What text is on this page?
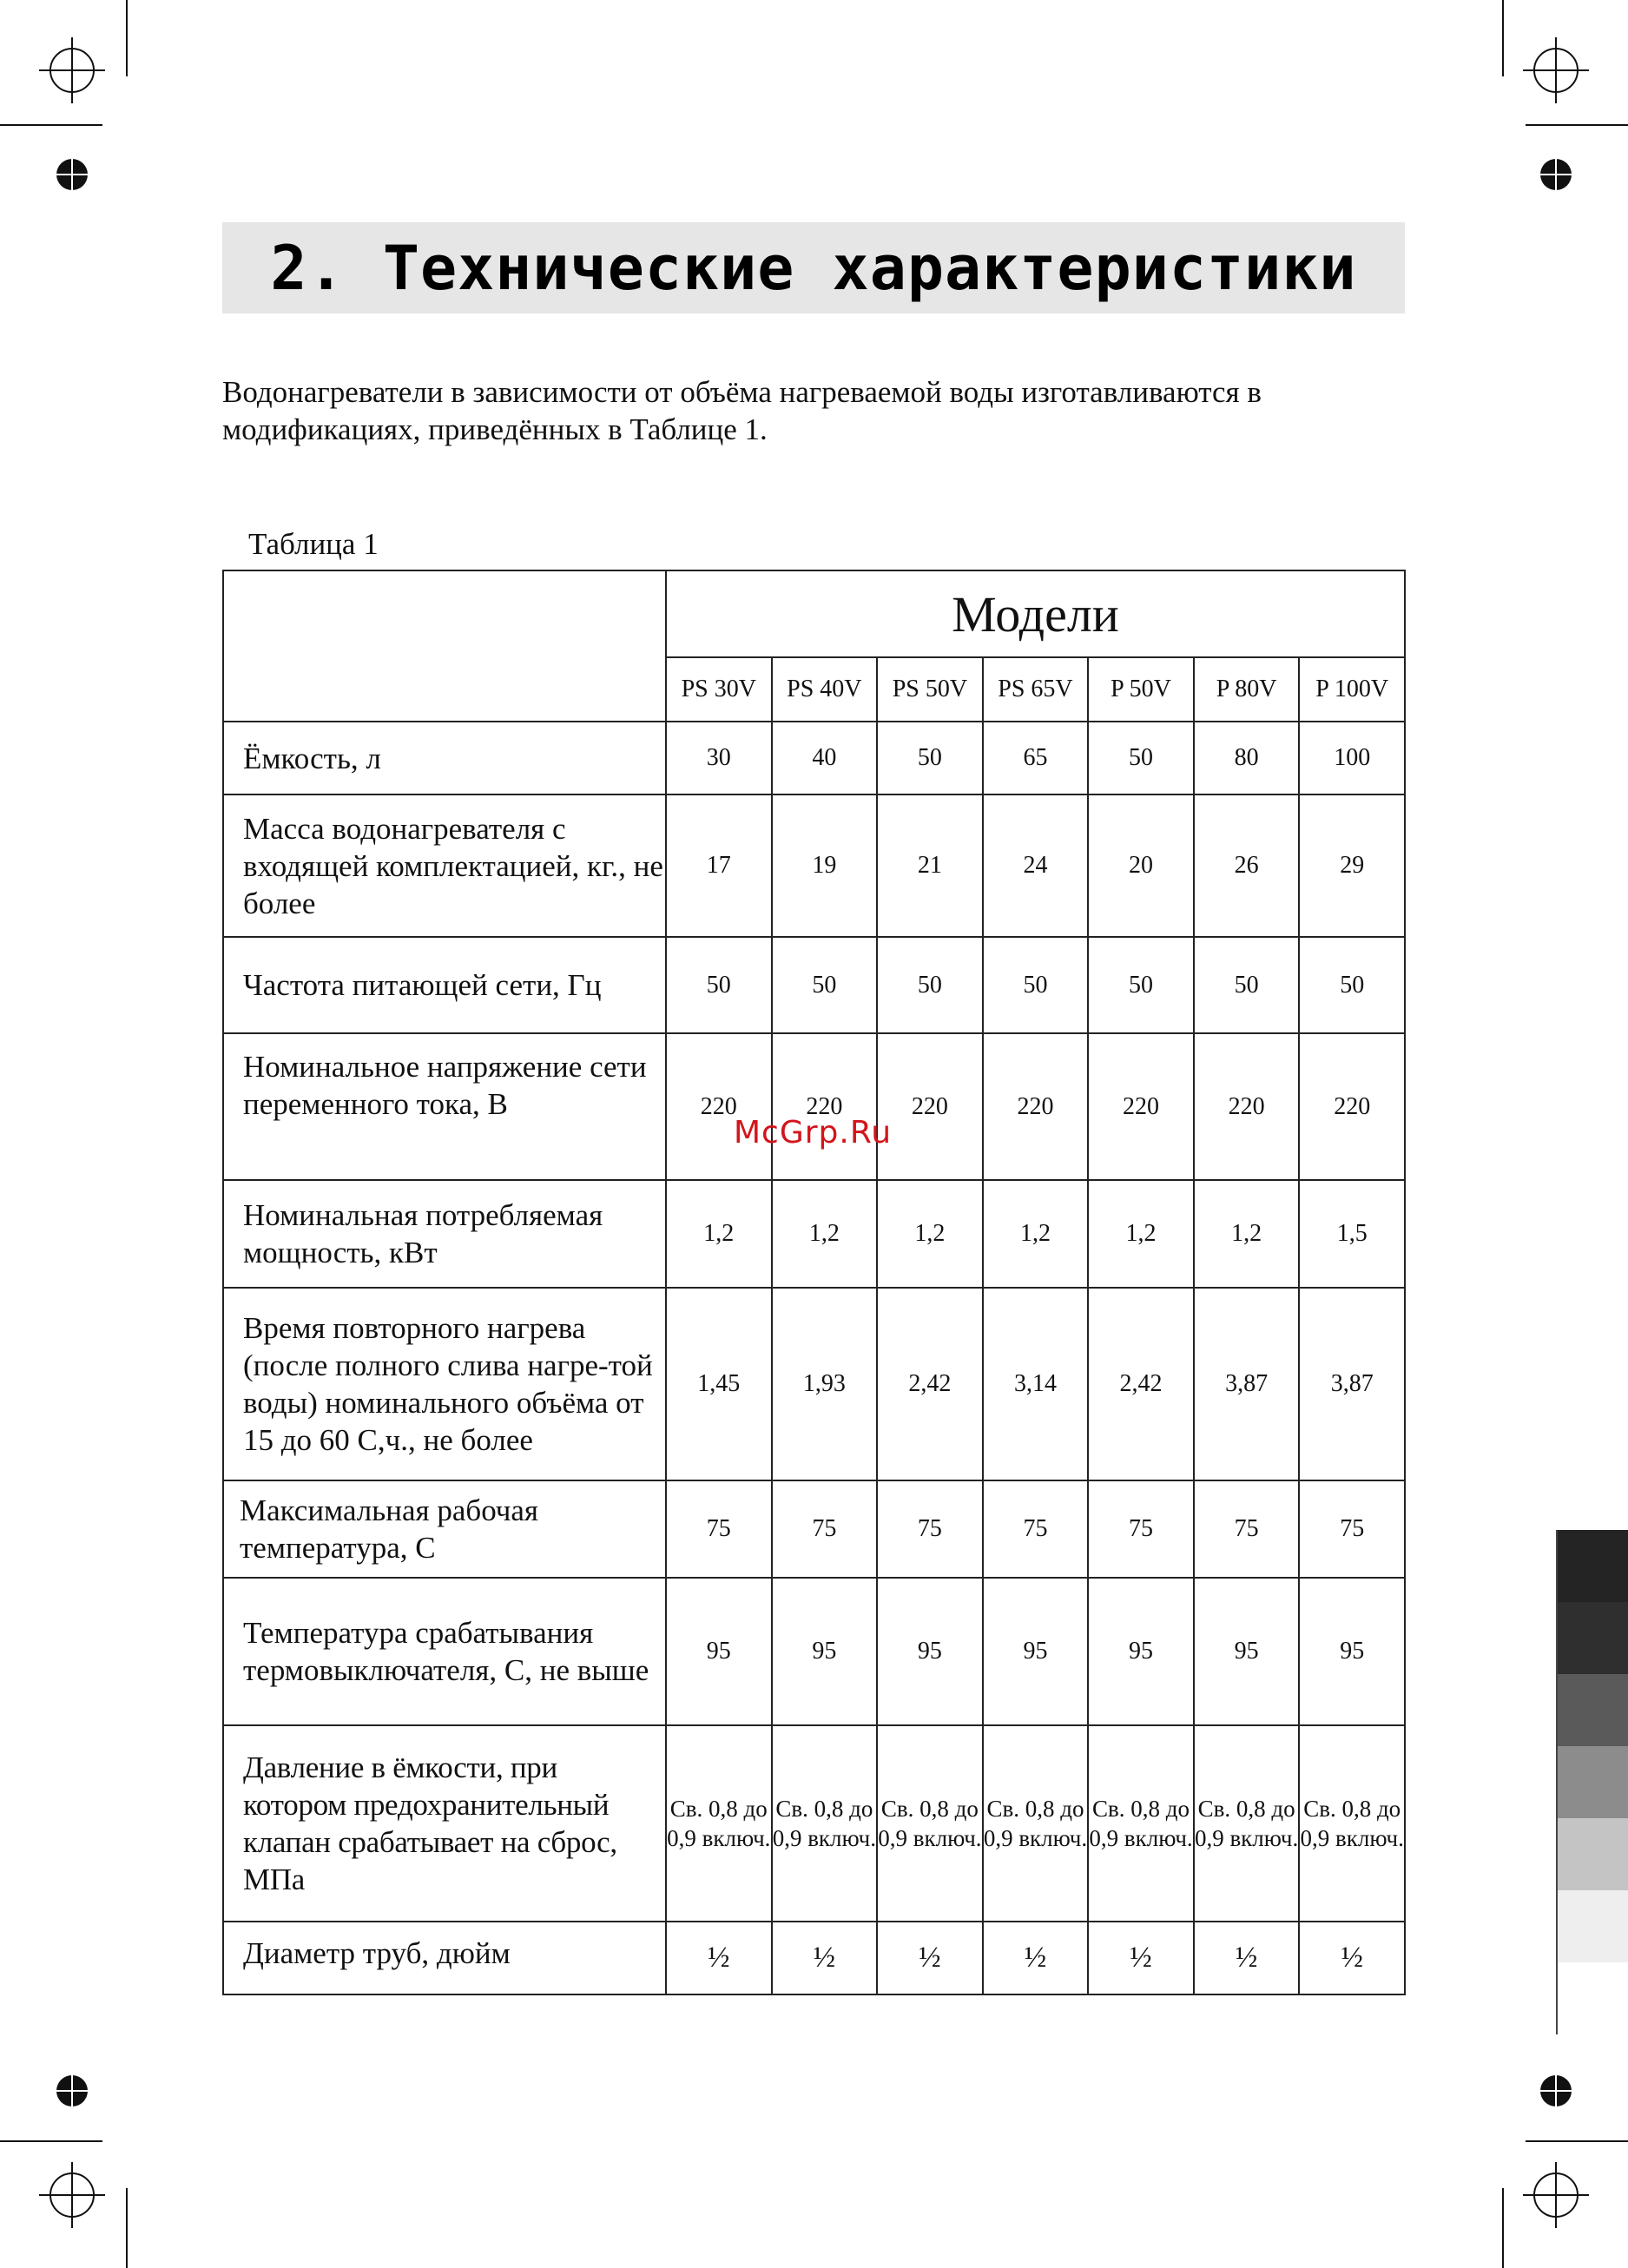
2. Технические характеристики

Водонагреватели в зависимости от объёма нагреваемой воды изготавливаются в модификациях, приведённых в Таблице 1.

Таблица 1

	Модели						
	PS 30V	PS 40V	PS 50V	PS 65V	P 50V	P 80V	P 100V
Ёмкость, л	30	40	50	65	50	80	100
Масса водонагревателя с входящей комплектацией, кг., не более	17	19	21	24	20	26	29
Частота питающей сети, Гц	50	50	50	50	50	50	50
Номинальное напряжение сети переменного тока, В	220	220	220	220	220	220	220
Номинальная потребляемая мощность, кВт	1,2	1,2	1,2	1,2	1,2	1,2	1,5
Время повторного нагрева (после полного слива нагре-той воды) номинального объёма от 15 до 60 С,ч., не более	1,45	1,93	2,42	3,14	2,42	3,87	3,87
Максимальная рабочая температура, С	75	75	75	75	75	75	75
Температура срабатывания термовыключателя, С, не выше	95	95	95	95	95	95	95
Давление в ёмкости, при котором предохранительный клапан срабатывает на сброс, МПа	Св. 0,8 до 0,9 включ.	Св. 0,8 до 0,9 включ.	Св. 0,8 до 0,9 включ.	Св. 0,8 до 0,9 включ.	Св. 0,8 до 0,9 включ.	Св. 0,8 до 0,9 включ.	Св. 0,8 до 0,9 включ.
Диаметр труб, дюйм	½	½	½	½	½	½	½
McGrp.Ru
